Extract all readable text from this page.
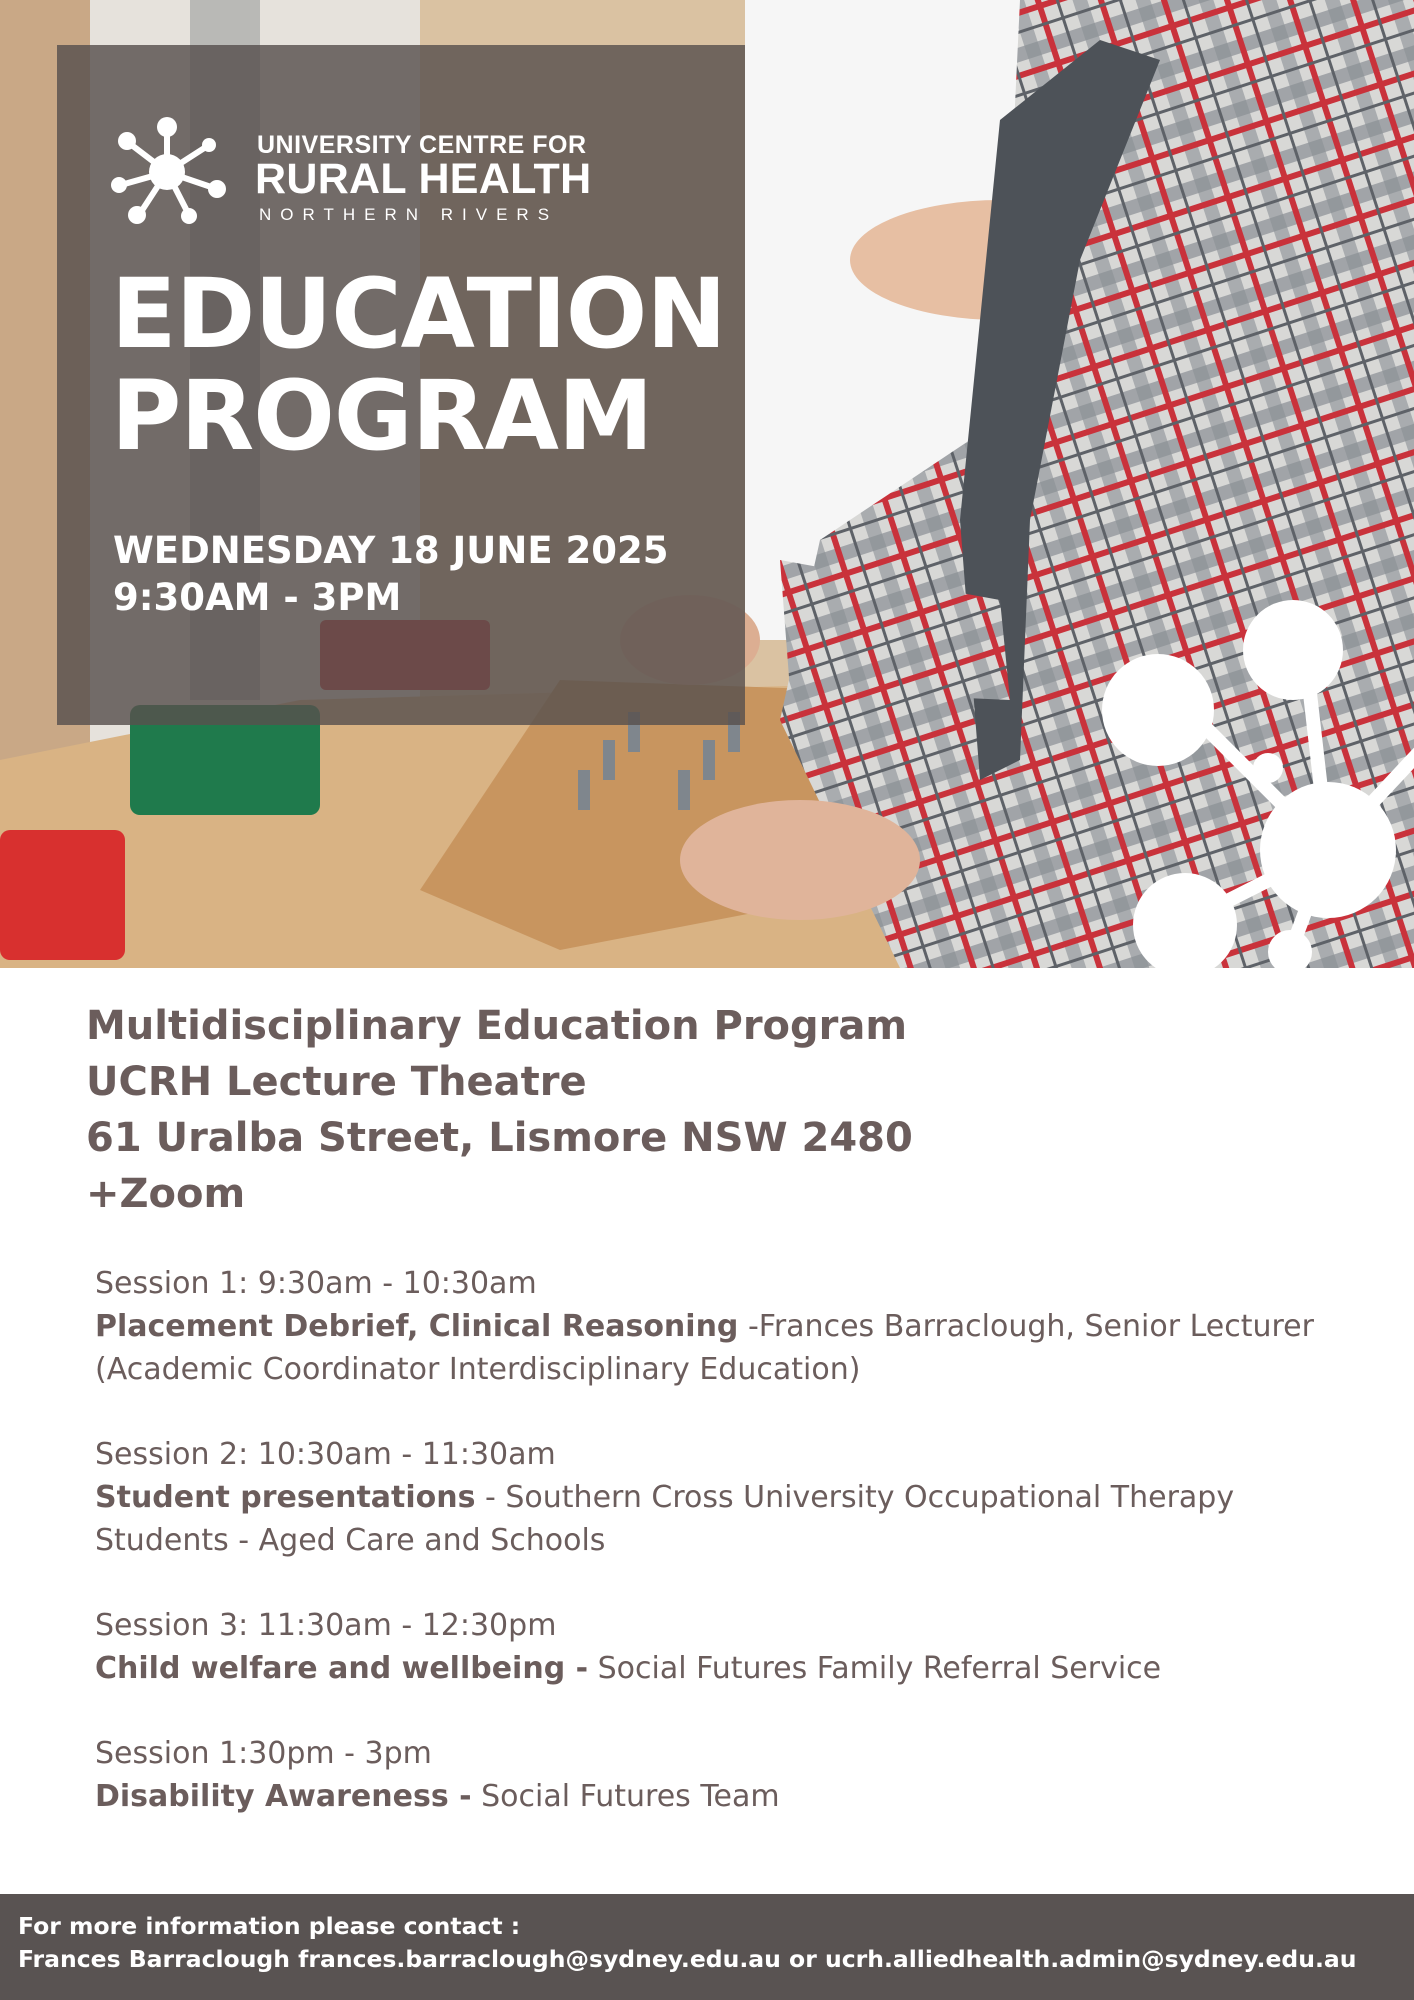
UNIVERSITY CENTRE FOR
RURAL HEALTH
NORTHERN RIVERS
EDUCATION
PROGRAM
WEDNESDAY 18 JUNE 2025
9:30AM - 3PM
Multidisciplinary Education Program
UCRH Lecture Theatre
61 Uralba Street, Lismore NSW 2480
+Zoom
Session 1: 9:30am - 10:30am
Placement Debrief, Clinical Reasoning -Frances Barraclough, Senior Lecturer (Academic Coordinator Interdisciplinary Education)
Session 2: 10:30am - 11:30am
Student presentations - Southern Cross University Occupational Therapy Students - Aged Care and Schools
Session 3: 11:30am - 12:30pm
Child welfare and wellbeing - Social Futures Family Referral Service
Session 1:30pm - 3pm
Disability Awareness - Social Futures Team
For more information please contact :
Frances Barraclough frances.barraclough@sydney.edu.au or ucrh.alliedhealth.admin@sydney.edu.au
